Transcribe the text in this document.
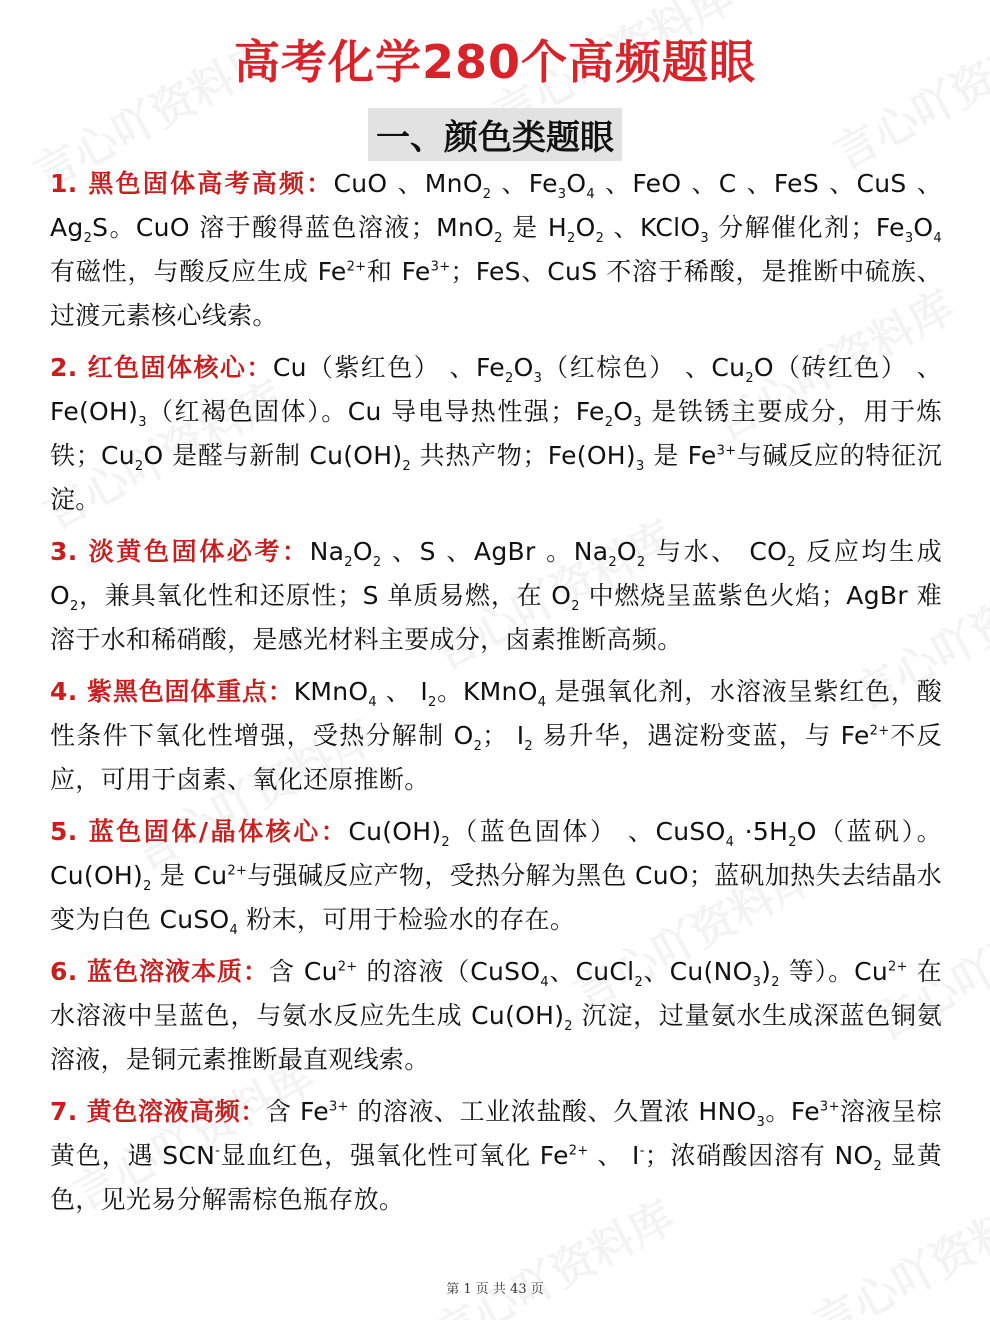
高考化学280个高频题眼
一、颜色类题眼

1. 黑色固体高考高频：CuO 、MnO$_2$ 、$Fe_3O_4$ 、FeO 、C 、FeS 、CuS 、$Ag_2S$。CuO 溶于酸得蓝色溶液；MnO$_2$ 是 $H_2O_2$ 、KClO$_3$ 分解催化剂；$Fe_3O_4$ 有磁性，与酸反应生成 $Fe^{2+}$和 $Fe^{3+}$；FeS、CuS 不溶于稀酸，是推断中硫族、过渡元素核心线索。

2. 红色固体核心：Cu（紫红色） 、$Fe_2O_3$（红棕色） 、$Cu_2O$（砖红色） 、$Fe(OH)_3$（红褐色固体）。Cu 导电导热性强；$Fe_2O_3$ 是铁锈主要成分，用于炼铁；$Cu_2O$ 是醛与新制 $Cu(OH)_2$ 共热产物；$Fe(OH)_3$ 是 $Fe^{3+}$与碱反应的特征沉淀。

3. 淡黄色固体必考：$Na_2O_2$ 、S 、AgBr 。$Na_2O_2$ 与水、 $CO_2$ 反应均生成 $O_2$，兼具氧化性和还原性；S 单质易燃，在 $O_2$ 中燃烧呈蓝紫色火焰；AgBr 难溶于水和稀硝酸，是感光材料主要成分，卤素推断高频。

4. 紫黑色固体重点：KMnO$_4$ 、 $I_2$。KMnO$_4$ 是强氧化剂，水溶液呈紫红色，酸性条件下氧化性增强，受热分解制 $O_2$； $I_2$ 易升华，遇淀粉变蓝，与 $Fe^{2+}$不反应，可用于卤素、氧化还原推断。

5. 蓝色固体/晶体核心：$Cu(OH)_2$（蓝色固体） 、CuSO$_4$ $\cdot 5H_2O$（蓝矾）。$Cu(OH)_2$ 是 $Cu^{2+}$与强碱反应产物，受热分解为黑色 CuO；蓝矾加热失去结晶水变为白色 CuSO$_4$ 粉末，可用于检验水的存在。

6. 蓝色溶液本质：含 $Cu^{2+}$ 的溶液（CuSO$_4$、CuCl$_2$、$Cu(NO_3)_2$ 等）。$Cu^{2+}$ 在水溶液中呈蓝色，与氨水反应先生成 $Cu(OH)_2$ 沉淀，过量氨水生成深蓝色铜氨溶液，是铜元素推断最直观线索。

7. 黄色溶液高频：含 $Fe^{3+}$ 的溶液、工业浓盐酸、久置浓 $HNO_3$。$Fe^{3+}$溶液呈棕黄色，遇 SCN-显血红色，强氧化性可氧化 $Fe^{2+}$ 、 I-；浓硝酸因溶有 $NO_2$ 显黄色，见光易分解需棕色瓶存放。

第 1 页 共 43 页
